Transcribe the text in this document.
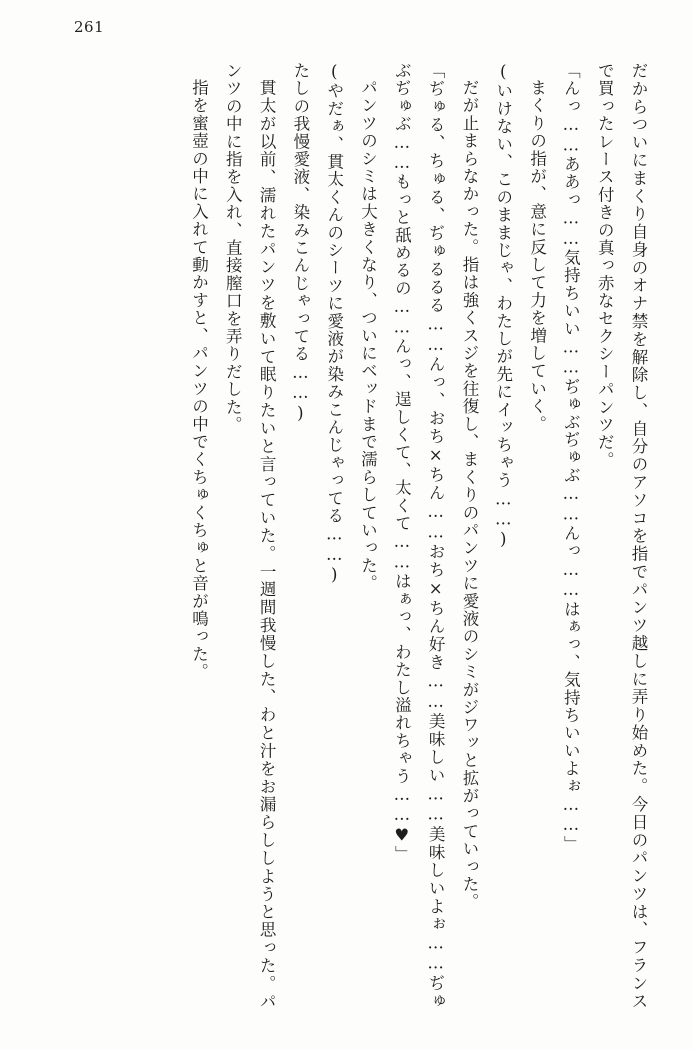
261

だからついにまくり自身のオナ禁を解除し、自分のアソコを指でパンツ越しに弄り始めた。今日のパンツは、フランスで買ったレース付きの真っ赤なセクシーパンツだ。

「んっ……ああっ……気持ちいい……ぢゅぶぢゅぶ……んっ……はぁっ、気持ちいいよぉ……」

まくりの指が、意に反して力を増していく。

(いけない、このままじゃ、わたしが先にイッちゃう……)

だが止まらなかった。指は強くスジを往復し、まくりのパンツに愛液のシミがジワッと拡がっていった。

「ぢゅる、ちゅる、ぢゅるるる……んっ、おち×ちん……おち×ちん好き……美味しい……美味しいよぉ……ぢゅぶぢゅぶ……もっと舐めるの……んっ、逞しくて、太くて……はぁっ、わたし溢れちゃう……♥」

パンツのシミは大きくなり、ついにベッドまで濡らしていった。

(やだぁ、貫太くんのシーツに愛液が染みこんじゃってる……)

たしの我慢愛液、染みこんじゃってる……)

貫太が以前、濡れたパンツを敷いて眠りたいと言っていた。一週間我慢した、わと汁をお漏らししようと思った。パンツの中に指を入れ、直接膣口を弄りだした。

指を蜜壺の中に入れて動かすと、パンツの中でくちゅくちゅと音が鳴った。
